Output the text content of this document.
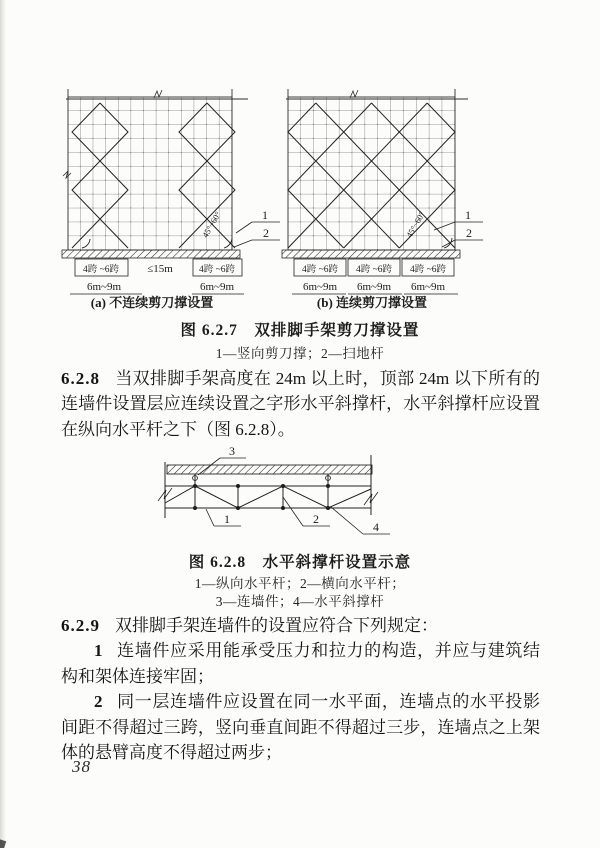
45°~60°	1
2
4跨 ~6跨	≤15m	4跨 ~6跨
6m~9m	6m~9m
(a) 不连续剪刀撑设置
45°~60°	1
2
4跨 ~6跨 4跨 ~6跨 4跨 ~6跨
6m~9m 6m~9m 6m~9m
(b) 连续剪刀撑设置
图 6.2.7　双排脚手架剪刀撑设置
1—竖向剪刀撑；2—扫地杆
6.2.8 当双排脚手架高度在 24m 以上时，顶部 24m 以下所有的
连墙件设置层应连续设置之字形水平斜撑杆，水平斜撑杆应设置
在纵向水平杆之下（图 6.2.8）。
3
1	2
4
图 6.2.8　水平斜撑杆设置示意
1—纵向水平杆；2—横向水平杆；
3—连墙件；4—水平斜撑杆
6.2.9 双排脚手架连墙件的设置应符合下列规定：
1 连墙件应采用能承受压力和拉力的构造，并应与建筑结
构和架体连接牢固；
2 同一层连墙件应设置在同一水平面，连墙点的水平投影
间距不得超过三跨，竖向垂直间距不得超过三步，连墙点之上架
体的悬臂高度不得超过两步；
38
